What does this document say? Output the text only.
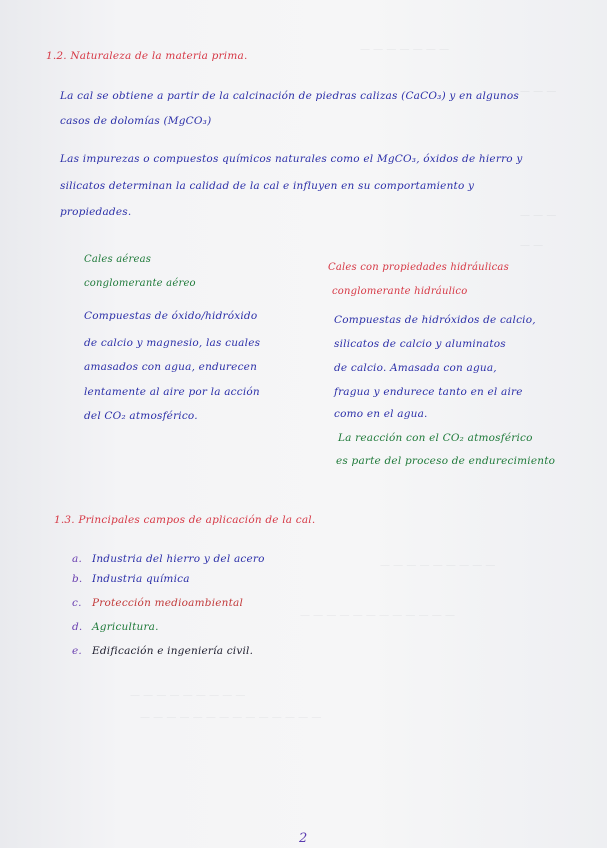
— — — — — — —
— — —
— — —
— —
— — — — — — — — —
— — — — — — — — — — — —
— — — — — — — — —
— — — — — — — — — — — — — —
1.2. Naturaleza de la materia prima.
La cal se obtiene a partir de la calcinación de piedras calizas (CaCO₃) y en algunos
casos de dolomías (MgCO₃)
Las impurezas o compuestos químicos naturales como el MgCO₃, óxidos de hierro y
silicatos determinan la calidad de la cal e influyen en su comportamiento y
propiedades.
Cales aéreas
conglomerante aéreo
Compuestas de óxido/hidróxido
de calcio y magnesio, las cuales
amasados con agua, endurecen
lentamente al aire por la acción
del CO₂ atmosférico.
Cales con propiedades hidráulicas
conglomerante hidráulico
Compuestas de hidróxidos de calcio,
silicatos de calcio y aluminatos
de calcio. Amasada con agua,
fragua y endurece tanto en el aire
como en el agua.
La reacción con el CO₂ atmosférico
es parte del proceso de endurecimiento
1.3. Principales campos de aplicación de la cal.
a. Industria del hierro y del acero
b. Industria química
c. Protección medioambiental
d. Agricultura.
e. Edificación e ingeniería civil.
2
